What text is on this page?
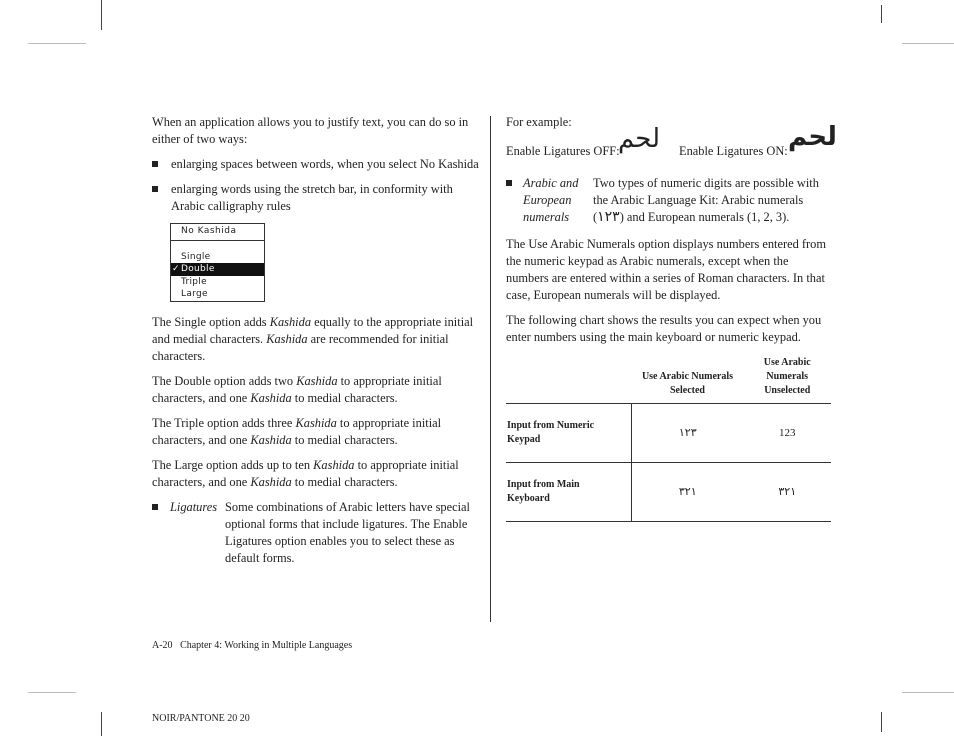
When an application allows you to justify text, you can do so in either of two ways:

enlarging spaces between words, when you select No Kashida
enlarging words using the stretch bar, in conformity with Arabic calligraphy rules
No Kashida
Single
✓ Double
Triple
Large

The Single option adds Kashida equally to the appropriate initial and medial characters. Kashida are recommended for initial characters.

The Double option adds two Kashida to appropriate initial characters, and one Kashida to medial characters.

The Triple option adds three Kashida to appropriate initial characters, and one Kashida to medial characters.

The Large option adds up to ten Kashida to appropriate initial characters, and one Kashida to medial characters.

Ligatures Some combinations of Arabic letters have special optional forms that include ligatures. The Enable Ligatures option enables you to select these as default forms.

For example:

Enable Ligatures OFF:
لحم Enable Ligatures ON: لحم
Arabic and European numerals
Two types of numeric digits are possible with the Arabic Language Kit: Arabic numerals (١٢٣) and European numerals (1, 2, 3).

The Use Arabic Numerals option displays numbers entered from the numeric keypad as Arabic numerals, except when the numbers are entered within a series of Roman characters. In that case, European numerals will be displayed.

The following chart shows the results you can expect when you enter numbers using the main keyboard or numeric keypad.

	Use Arabic Numerals Selected	Use Arabic Numerals Unselected
Input from Numeric Keypad	١٢٣	123
Input from Main Keyboard	٣٢١	٣٢١
A-20 Chapter 4: Working in Multiple Languages
NOIR/PANTONE 20 20
